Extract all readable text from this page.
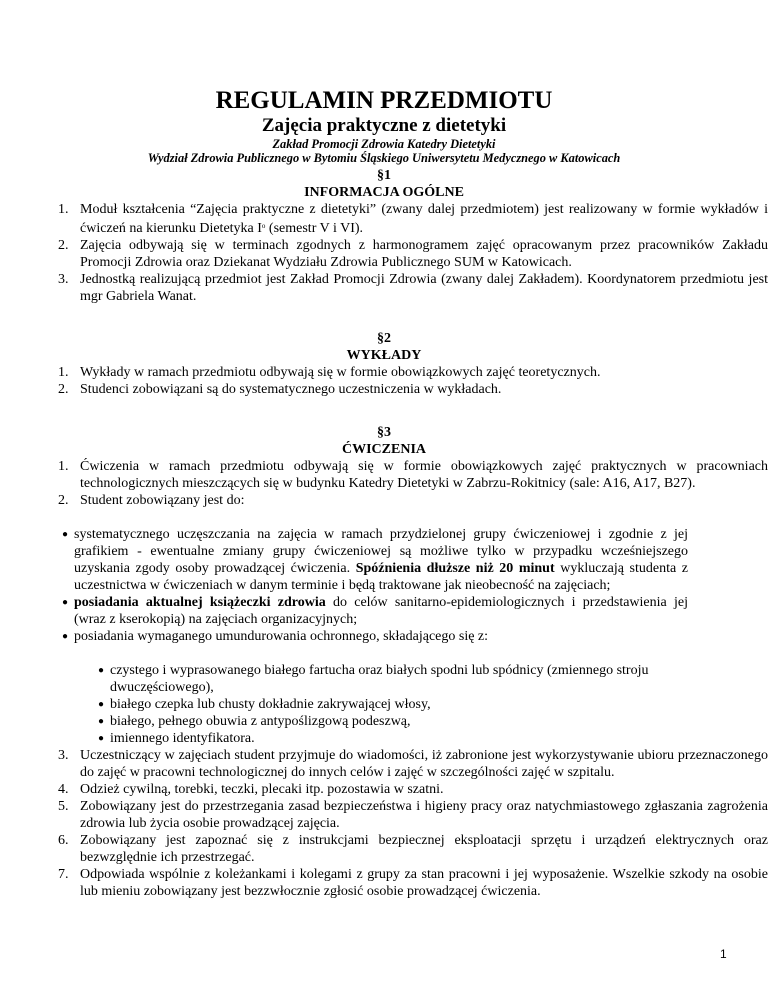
REGULAMIN PRZEDMIOTU
Zajęcia praktyczne z dietetyki
Zakład Promocji Zdrowia Katedry Dietetyki
Wydział Zdrowia Publicznego w Bytomiu Śląskiego Uniwersytetu Medycznego w Katowicach
§1
INFORMACJA OGÓLNE
1. Moduł kształcenia “Zajęcia praktyczne z dietetyki” (zwany dalej przedmiotem) jest realizowany w formie wykładów i ćwiczeń na kierunku Dietetyka $I^o$ (semestr V i VI).
2. Zajęcia odbywają się w terminach zgodnych z harmonogramem zajęć opracowanym przez pracowników Zakładu Promocji Zdrowia oraz Dziekanat Wydziału Zdrowia Publicznego SUM w Katowicach.
3. Jednostką realizującą przedmiot jest Zakład Promocji Zdrowia (zwany dalej Zakładem). Koordynatorem przedmiotu jest mgr Gabriela Wanat.
§2
WYKŁADY
1. Wykłady w ramach przedmiotu odbywają się w formie obowiązkowych zajęć teoretycznych.
2. Studenci zobowiązani są do systematycznego uczestniczenia w wykładach.
§3
ĆWICZENIA
1. Ćwiczenia w ramach przedmiotu odbywają się w formie obowiązkowych zajęć praktycznych w pracowniach technologicznych mieszczących się w budynku Katedry Dietetyki w Zabrzu-Rokitnicy (sale: A16, A17, B27).
2. Student zobowiązany jest do:
● systematycznego uczęszczania na zajęcia w ramach przydzielonej grupy ćwiczeniowej i zgodnie z jej grafikiem - ewentualne zmiany grupy ćwiczeniowej są możliwe tylko w przypadku wcześniejszego uzyskania zgody osoby prowadzącej ćwiczenia. Spóźnienia dłuższe niż 20 minut wykluczają studenta z uczestnictwa w ćwiczeniach w danym terminie i będą traktowane jak nieobecność na zajęciach;
● posiadania aktualnej książeczki zdrowia do celów sanitarno-epidemiologicznych i przedstawienia jej (wraz z kserokopią) na zajęciach organizacyjnych;
● posiadania wymaganego umundurowania ochronnego, składającego się z:
● czystego i wyprasowanego białego fartucha oraz białych spodni lub spódnicy (zmiennego stroju dwuczęściowego),
● białego czepka lub chusty dokładnie zakrywającej włosy,
● białego, pełnego obuwia z antypoślizgową podeszwą,
● imiennego identyfikatora.
3. Uczestniczący w zajęciach student przyjmuje do wiadomości, iż zabronione jest wykorzystywanie ubioru przeznaczonego do zajęć w pracowni technologicznej do innych celów i zajęć w szczególności zajęć w szpitalu.
4. Odzież cywilną, torebki, teczki, plecaki itp. pozostawia w szatni.
5. Zobowiązany jest do przestrzegania zasad bezpieczeństwa i higieny pracy oraz natychmiastowego zgłaszania zagrożenia zdrowia lub życia osobie prowadzącej zajęcia.
6. Zobowiązany jest zapoznać się z instrukcjami bezpiecznej eksploatacji sprzętu i urządzeń elektrycznych oraz bezwzględnie ich przestrzegać.
7. Odpowiada wspólnie z koleżankami i kolegami z grupy za stan pracowni i jej wyposażenie. Wszelkie szkody na osobie lub mieniu zobowiązany jest bezzwłocznie zgłosić osobie prowadzącej ćwiczenia.
1
